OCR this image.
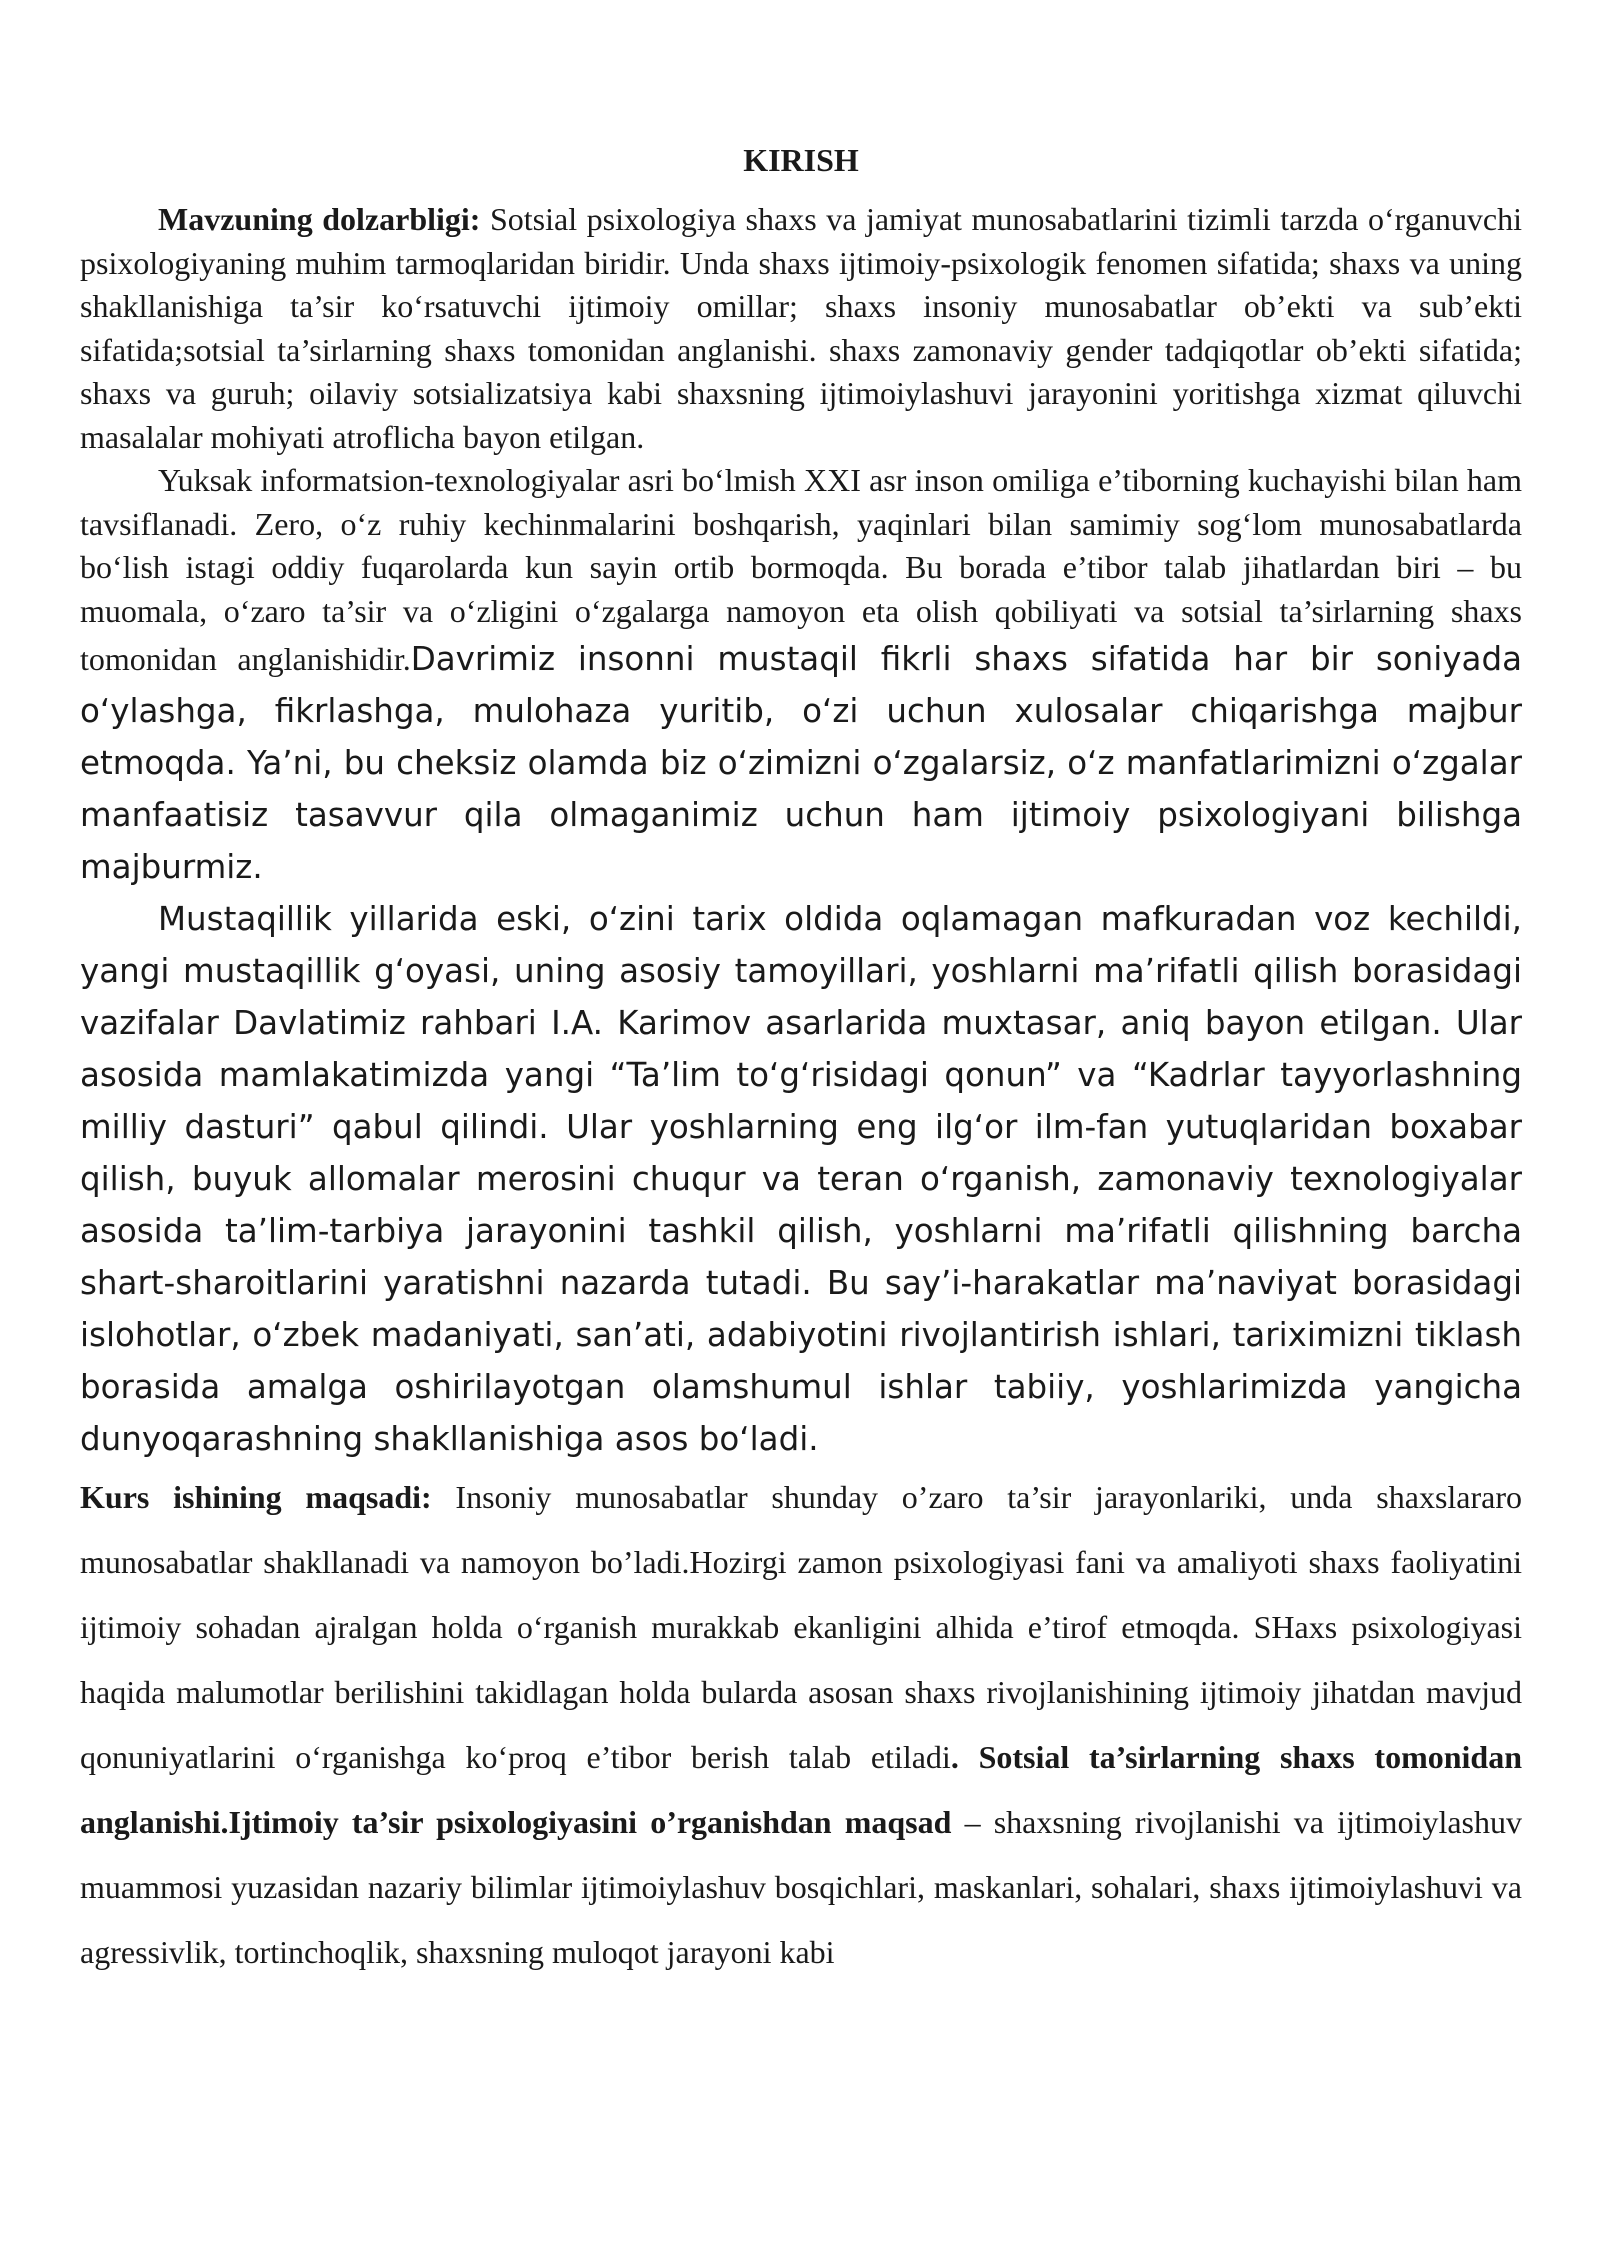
KIRISH

Mavzuning dolzarbligi: Sotsial psixologiya shaxs va jamiyat munosabatlarini tizimli tarzda o‘rganuvchi psixologiyaning muhim tarmoqlaridan biridir. Unda shaxs ijtimoiy-psixologik fenomen sifatida; shaxs va uning shakllanishiga ta’sir ko‘rsatuvchi ijtimoiy omillar; shaxs insoniy munosabatlar ob’ekti va sub’ekti sifatida;sotsial ta’sirlarning shaxs tomonidan anglanishi. shaxs zamonaviy gender tadqiqotlar ob’ekti sifatida; shaxs va guruh; oilaviy sotsializatsiya kabi shaxsning ijtimoiylashuvi jarayonini yoritishga xizmat qiluvchi masalalar mohiyati atroflicha bayon etilgan.

Yuksak informatsion-texnologiyalar asri bo‘lmish XXI asr inson omiliga e’tiborning kuchayishi bilan ham tavsiflanadi. Zero, o‘z ruhiy kechinmalarini boshqarish, yaqinlari bilan samimiy sog‘lom munosabatlarda bo‘lish istagi oddiy fuqarolarda kun sayin ortib bormoqda. Bu borada e’tibor talab jihatlardan biri – bu muomala, o‘zaro ta’sir va o‘zligini o‘zgalarga namoyon eta olish qobiliyati va sotsial ta’sirlarning shaxs tomonidan anglanishidir.Davrimiz insonni mustaqil fikrli shaxs sifatida har bir soniyada oʻylashga, fikrlashga, mulohaza yuritib, oʻzi uchun xulosalar chiqarishga majbur etmoqda. Yaʼni, bu cheksiz olamda biz oʻzimizni oʻzgalarsiz, oʻz manfatlarimizni oʻzgalar manfaatisiz tasavvur qila olmaganimiz uchun ham ijtimoiy psixologiyani bilishga majburmiz.

Mustaqillik yillarida eski, oʻzini tarix oldida oqlamagan mafkuradan voz kechildi, yangi mustaqillik gʻoyasi, uning asosiy tamoyillari, yoshlarni maʼrifatli qilish borasidagi vazifalar Davlatimiz rahbari I.A. Karimov asarlarida muxtasar, aniq bayon etilgan. Ular asosida mamlakatimizda yangi “Taʼlim toʻgʻrisidagi qonun” va “Kadrlar tayyorlashning milliy dasturi” qabul qilindi. Ular yoshlarning eng ilgʻor ilm-fan yutuqlaridan boxabar qilish, buyuk allomalar merosini chuqur va teran oʻrganish, zamonaviy texnologiyalar asosida taʼlim-tarbiya jarayonini tashkil qilish, yoshlarni maʼrifatli qilishning barcha shart-sharoitlarini yaratishni nazarda tutadi. Bu sayʼi-harakatlar maʼnaviyat borasidagi islohotlar, oʻzbek madaniyati, sanʼati, adabiyotini rivojlantirish ishlari, tariximizni tiklash borasida amalga oshirilayotgan olamshumul ishlar tabiiy, yoshlarimizda yangicha dunyoqarashning shakllanishiga asos boʻladi.

Kurs ishining maqsadi: Insoniy munosabatlar shunday o’zaro ta’sir jarayonlariki, unda shaxslararo munosabatlar shakllanadi va namoyon bo’ladi.Hozirgi zamon psixologiyasi fani va amaliyoti shaxs faoliyatini ijtimoiy sohadan ajralgan holda o‘rganish murakkab ekanligini alhida e’tirof etmoqda. SHaxs psixologiyasi haqida malumotlar berilishini takidlagan holda bularda asosan shaxs rivojlanishining ijtimoiy jihatdan mavjud qonuniyatlarini o‘rganishga ko‘proq e’tibor berish talab etiladi. Sotsial ta’sirlarning shaxs tomonidan anglanishi.Ijtimoiy ta’sir psixologiyasini o’rganishdan maqsad – shaxsning rivojlanishi va ijtimoiylashuv muammosi yuzasidan nazariy bilimlar ijtimoiylashuv bosqichlari, maskanlari, sohalari, shaxs ijtimoiylashuvi va agressivlik, tortinchoqlik, shaxsning muloqot jarayoni kabi
